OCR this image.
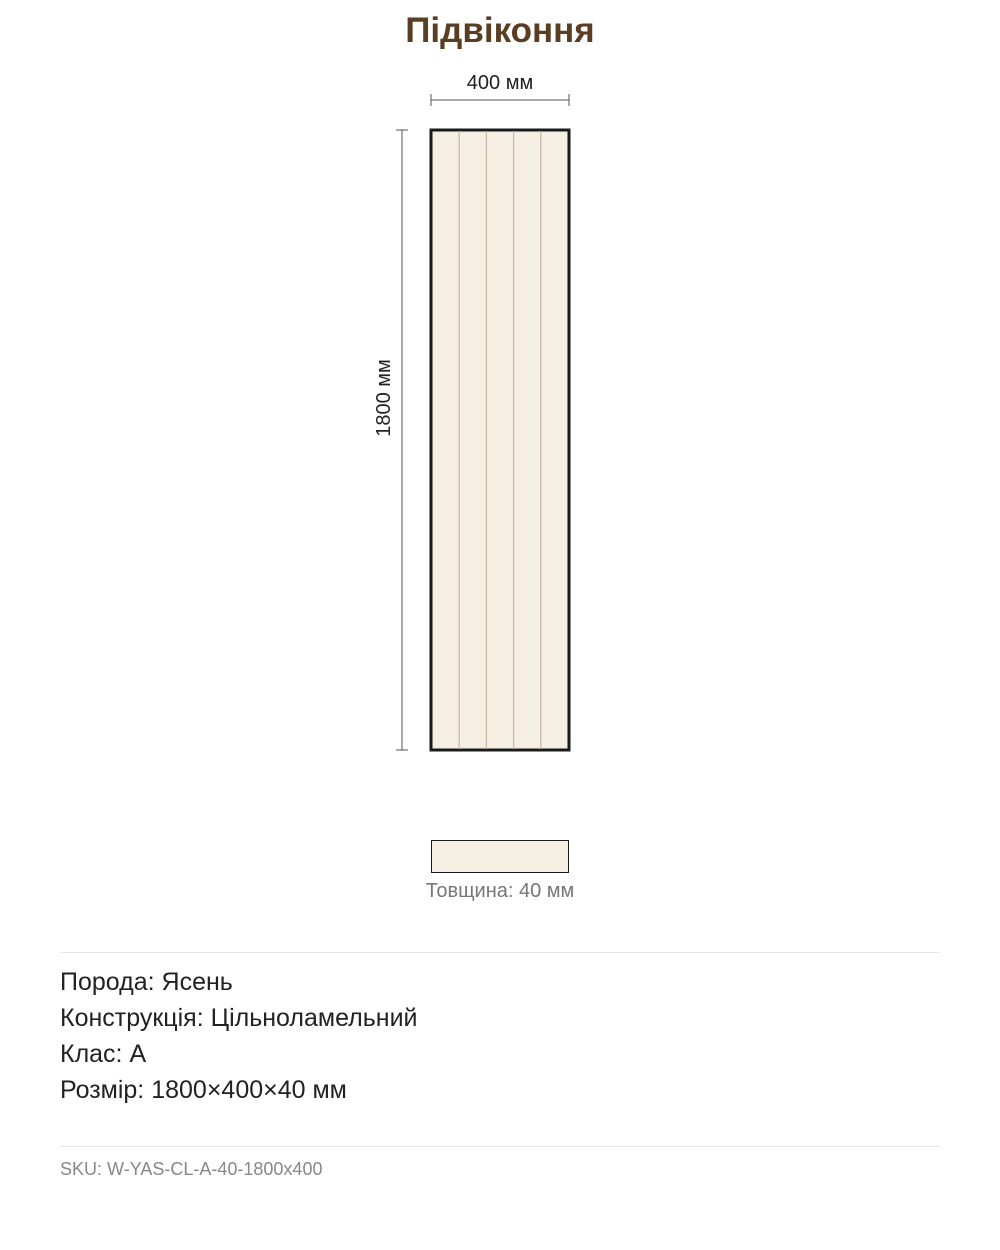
Підвіконня
400 мм
1800 мм
Товщина: 40 мм
Порода: Ясень
Конструкція: Цільноламельний
Клас: A
Розмір: 1800×400×40 мм
SKU: W-YAS-CL-A-40-1800x400
